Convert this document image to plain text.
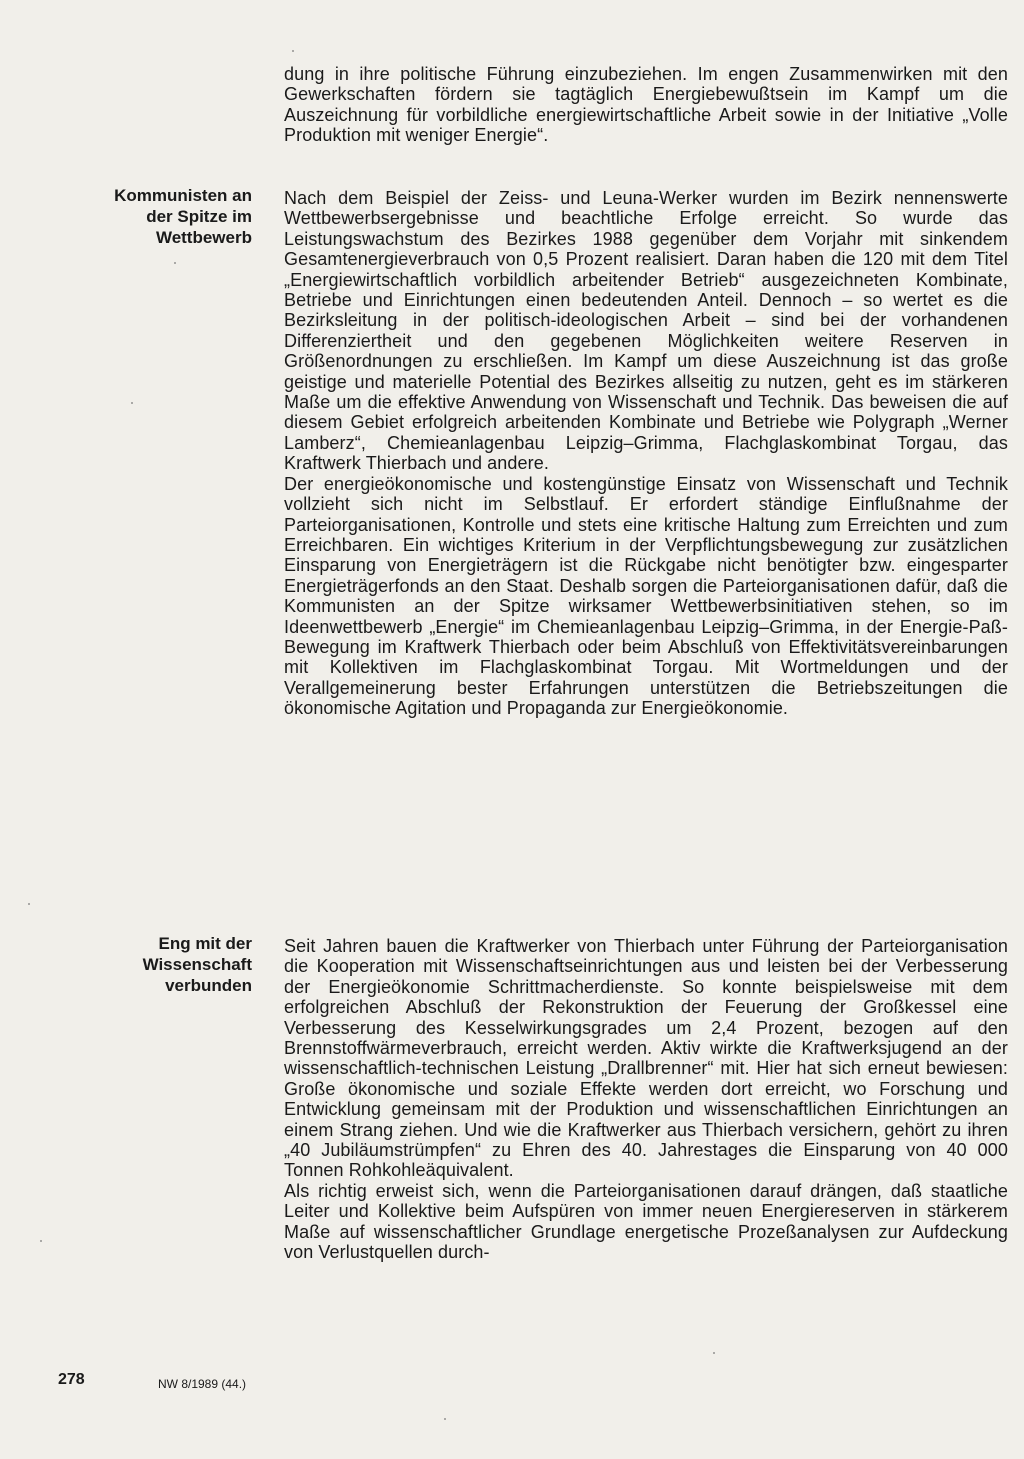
dung in ihre politische Führung einzubeziehen. Im engen Zusammenwirken mit den Gewerkschaften fördern sie tagtäglich Energiebewußtsein im Kampf um die Auszeichnung für vorbildliche energiewirtschaftliche Arbeit sowie in der Initiative „Volle Produktion mit weniger Energie“.

Kommunisten an der Spitze im Wettbewerb

Nach dem Beispiel der Zeiss- und Leuna-Werker wurden im Bezirk nennenswerte Wettbewerbsergebnisse und beachtliche Erfolge erreicht. So wurde das Leistungswachstum des Bezirkes 1988 gegenüber dem Vorjahr mit sinkendem Gesamtenergieverbrauch von 0,5 Prozent realisiert. Daran haben die 120 mit dem Titel „Energiewirtschaftlich vorbildlich arbeitender Betrieb“ ausgezeichneten Kombinate, Betriebe und Einrichtungen einen bedeutenden Anteil. Dennoch – so wertet es die Bezirksleitung in der politisch-ideologischen Arbeit – sind bei der vorhandenen Differenziertheit und den gegebenen Möglichkeiten weitere Reserven in Größenordnungen zu erschließen. Im Kampf um diese Auszeichnung ist das große geistige und materielle Potential des Bezirkes allseitig zu nutzen, geht es im stärkeren Maße um die effektive Anwendung von Wissenschaft und Technik. Das beweisen die auf diesem Gebiet erfolgreich arbeitenden Kombinate und Betriebe wie Polygraph „Werner Lamberz“, Chemieanlagenbau Leipzig–Grimma, Flachglaskombinat Torgau, das Kraftwerk Thierbach und andere.

Der energieökonomische und kostengünstige Einsatz von Wissenschaft und Technik vollzieht sich nicht im Selbstlauf. Er erfordert ständige Einflußnahme der Parteiorganisationen, Kontrolle und stets eine kritische Haltung zum Erreichten und zum Erreichbaren. Ein wichtiges Kriterium in der Verpflichtungsbewegung zur zusätzlichen Einsparung von Energieträgern ist die Rückgabe nicht benötigter bzw. eingesparter Energieträgerfonds an den Staat. Deshalb sorgen die Parteiorganisationen dafür, daß die Kommunisten an der Spitze wirksamer Wettbewerbsinitiativen stehen, so im Ideenwettbewerb „Energie“ im Chemieanlagenbau Leipzig–Grimma, in der Energie-Paß-Bewegung im Kraftwerk Thierbach oder beim Abschluß von Effektivitätsvereinbarungen mit Kollektiven im Flachglaskombinat Torgau. Mit Wortmeldungen und der Verallgemeinerung bester Erfahrungen unterstützen die Betriebszeitungen die ökonomische Agitation und Propaganda zur Energieökonomie.

Eng mit der Wissenschaft verbunden

Seit Jahren bauen die Kraftwerker von Thierbach unter Führung der Parteiorganisation die Kooperation mit Wissenschaftseinrichtungen aus und leisten bei der Verbesserung der Energieökonomie Schrittmacherdienste. So konnte beispielsweise mit dem erfolgreichen Abschluß der Rekonstruktion der Feuerung der Großkessel eine Verbesserung des Kesselwirkungsgrades um 2,4 Prozent, bezogen auf den Brennstoffwärmeverbrauch, erreicht werden. Aktiv wirkte die Kraftwerksjugend an der wissenschaftlich-technischen Leistung „Drallbrenner“ mit. Hier hat sich erneut bewiesen: Große ökonomische und soziale Effekte werden dort erreicht, wo Forschung und Entwicklung gemeinsam mit der Produktion und wissenschaftlichen Einrichtungen an einem Strang ziehen. Und wie die Kraftwerker aus Thierbach versichern, gehört zu ihren „40 Jubiläumstrümpfen“ zu Ehren des 40. Jahrestages die Einsparung von 40 000 Tonnen Rohkohleäquivalent.

Als richtig erweist sich, wenn die Parteiorganisationen darauf drängen, daß staatliche Leiter und Kollektive beim Aufspüren von immer neuen Energiereserven in stärkerem Maße auf wissenschaftlicher Grundlage energetische Prozeßanalysen zur Aufdeckung von Verlustquellen durch-

278	NW 8/1989 (44.)
